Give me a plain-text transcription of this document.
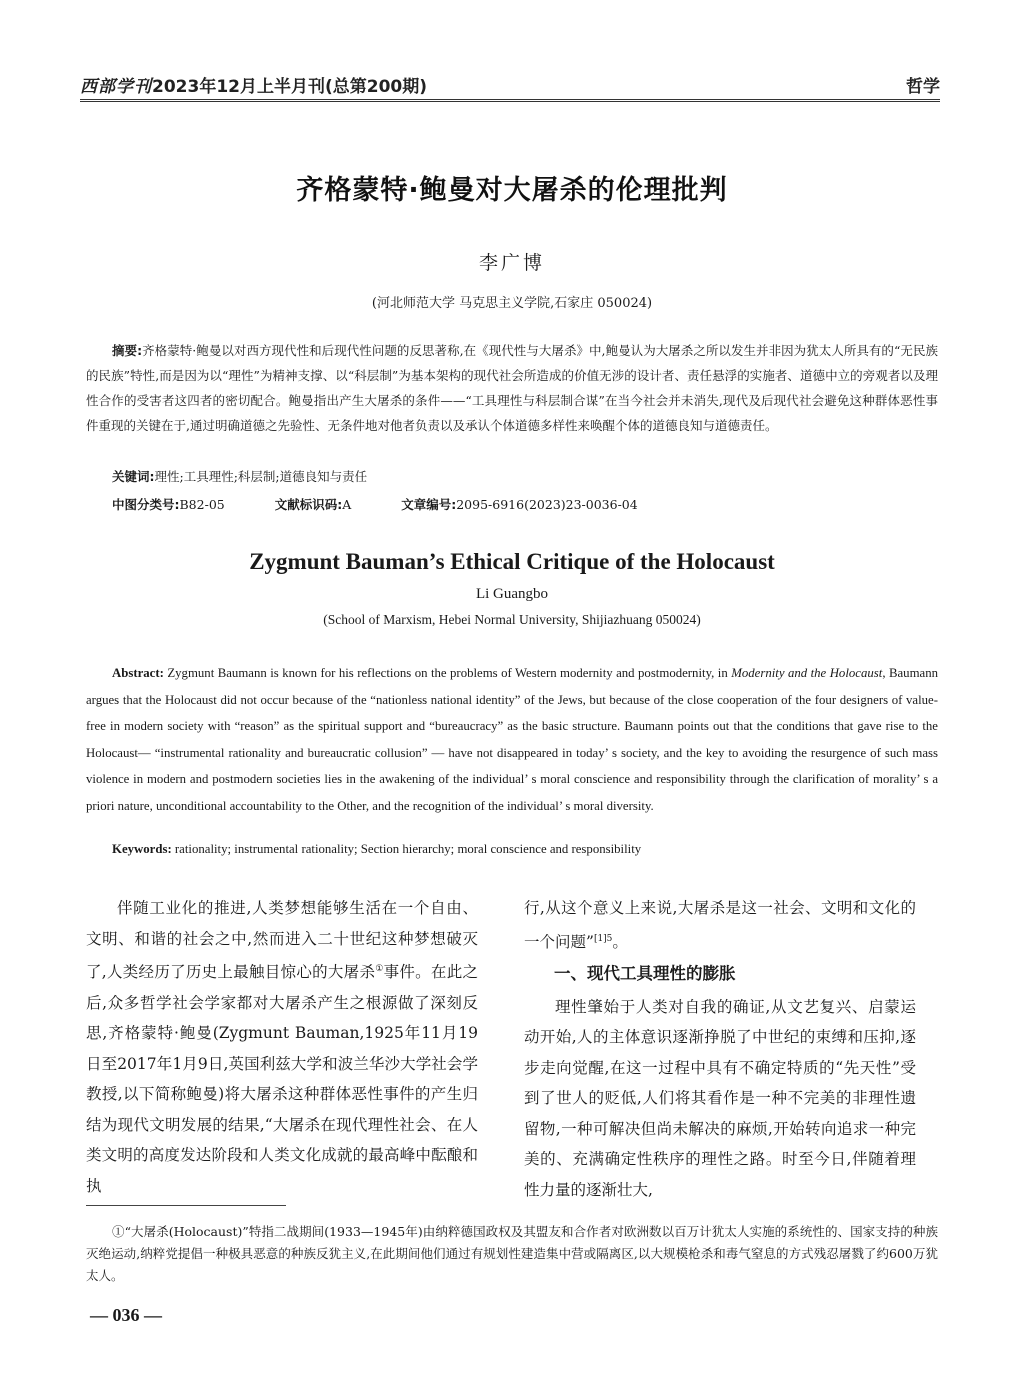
西部学刊2023年12月上半月刊(总第200期)	哲学
齐格蒙特·鲍曼对大屠杀的伦理批判
李广博
(河北师范大学 马克思主义学院,石家庄 050024)
摘要:齐格蒙特·鲍曼以对西方现代性和后现代性问题的反思著称,在《现代性与大屠杀》中,鲍曼认为大屠杀之所以发生并非因为犹太人所具有的“无民族的民族”特性,而是因为以“理性”为精神支撑、以“科层制”为基本架构的现代社会所造成的价值无涉的设计者、责任悬浮的实施者、道德中立的旁观者以及理性合作的受害者这四者的密切配合。鲍曼指出产生大屠杀的条件——“工具理性与科层制合谋”在当今社会并未消失,现代及后现代社会避免这种群体恶性事件重现的关键在于,通过明确道德之先验性、无条件地对他者负责以及承认个体道德多样性来唤醒个体的道德良知与道德责任。
关键词:理性;工具理性;科层制;道德良知与责任
中图分类号:B82-05	文献标识码:A	文章编号:2095-6916(2023)23-0036-04
Zygmunt Bauman’s Ethical Critique of the Holocaust
Li Guangbo
(School of Marxism, Hebei Normal University, Shijiazhuang 050024)
Abstract: Zygmunt Baumann is known for his reflections on the problems of Western modernity and postmodernity, in Modernity and the Holocaust, Baumann argues that the Holocaust did not occur because of the “nationless national identity” of the Jews, but because of the close cooperation of the four designers of value-free in modern society with “reason” as the spiritual support and “bureaucracy” as the basic structure. Baumann points out that the conditions that gave rise to the Holocaust— “instrumental rationality and bureaucratic collusion” — have not disappeared in today’ s society, and the key to avoiding the resurgence of such mass violence in modern and postmodern societies lies in the awakening of the individual’ s moral conscience and responsibility through the clarification of morality’ s a priori nature, unconditional accountability to the Other, and the recognition of the individual’ s moral diversity.
Keywords: rationality; instrumental rationality; Section hierarchy; moral conscience and responsibility

伴随工业化的推进,人类梦想能够生活在一个自由、文明、和谐的社会之中,然而进入二十世纪这种梦想破灭了,人类经历了历史上最触目惊心的大屠杀①事件。在此之后,众多哲学社会学家都对大屠杀产生之根源做了深刻反思,齐格蒙特·鲍曼(Zygmunt Bauman,1925年11月19日至2017年1月9日,英国利兹大学和波兰华沙大学社会学教授,以下简称鲍曼)将大屠杀这种群体恶性事件的产生归结为现代文明发展的结果,“大屠杀在现代理性社会、在人类文明的高度发达阶段和人类文化成就的最高峰中酝酿和执

行,从这个意义上来说,大屠杀是这一社会、文明和文化的一个问题”$^{[1]5}$。

一、现代工具理性的膨胀

理性肇始于人类对自我的确证,从文艺复兴、启蒙运动开始,人的主体意识逐渐挣脱了中世纪的束缚和压抑,逐步走向觉醒,在这一过程中具有不确定特质的“先天性”受到了世人的贬低,人们将其看作是一种不完美的非理性遗留物,一种可解决但尚未解决的麻烦,开始转向追求一种完美的、充满确定性秩序的理性之路。时至今日,伴随着理性力量的逐渐壮大,

①“大屠杀(Holocaust)”特指二战期间(1933—1945年)由纳粹德国政权及其盟友和合作者对欧洲数以百万计犹太人实施的系统性的、国家支持的种族灭绝运动,纳粹党提倡一种极具恶意的种族反犹主义,在此期间他们通过有规划性建造集中营或隔离区,以大规模枪杀和毒气窒息的方式残忍屠戮了约600万犹太人。
— 036 —
